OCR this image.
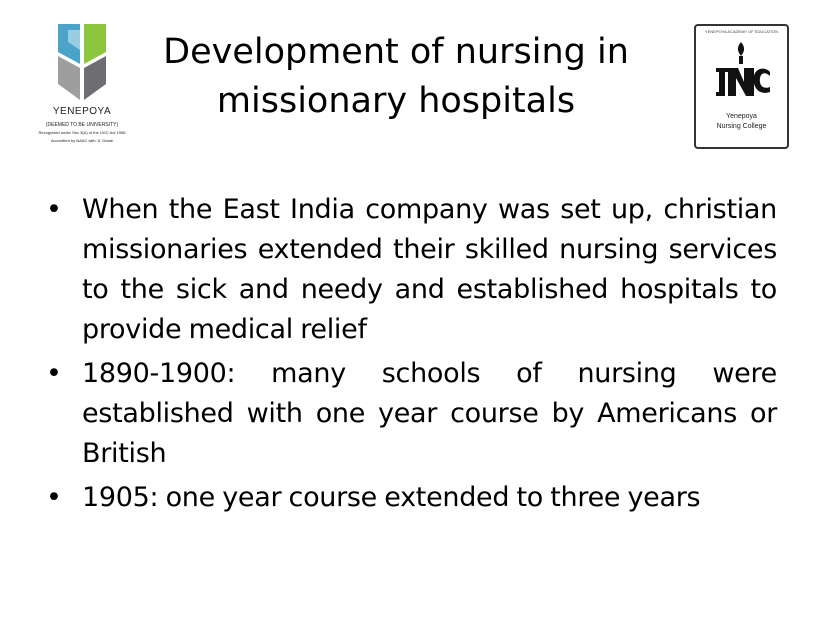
YENEPOYA
(DEEMED TO BE UNIVERSITY)
Recognized under Sec 3(A) of the UGC Act 1956
Accredited by NAAC with 'A' Grade
Development of nursing in missionary hospitals
YENEPOYA ACADEMY OF EDUCATION
Yenepoya
Nursing College
• When the East India company was set up, christian missionaries extended their skilled nursing services to the sick and needy and established hospitals to provide medical relief
• 1890-1900: many schools of nursing were established with one year course by Americans or British
• 1905: one year course extended to three years
